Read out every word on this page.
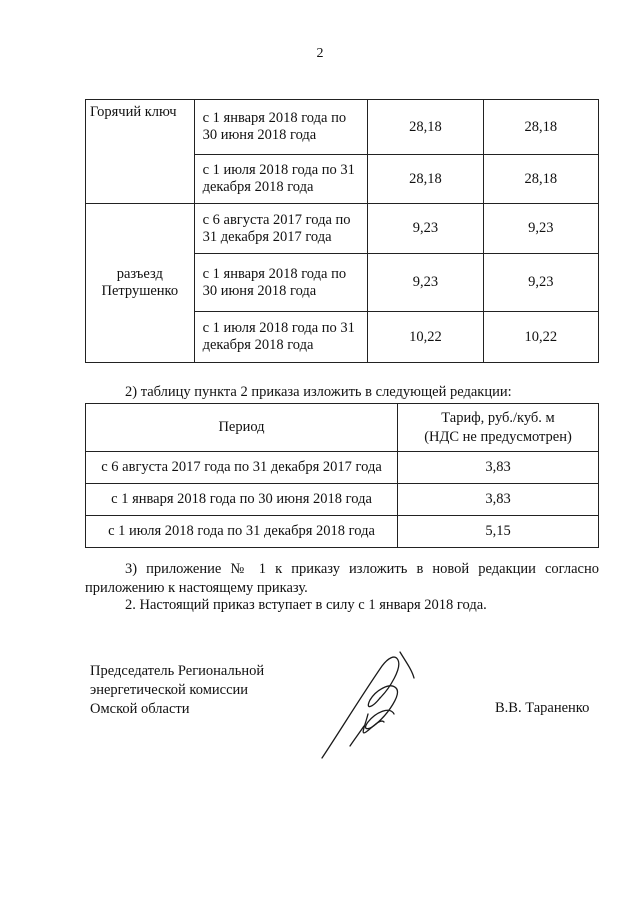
2
Горячий ключ	с 1 января 2018 года по
30 июня 2018 года	28,18	28,18
	с 1 июля 2018 года по 31
декабря 2018 года	28,18	28,18
разъезд
Петрушенко	с 6 августа 2017 года по
31 декабря 2017 года	9,23	9,23
	с 1 января 2018 года по
30 июня 2018 года	9,23	9,23
	с 1 июля 2018 года по 31
декабря 2018 года	10,22	10,22
2) таблицу пункта 2 приказа изложить в следующей редакции:
Период	Тариф, руб./куб. м
(НДС не предусмотрен)
с 6 августа 2017 года по 31 декабря 2017 года	3,83
с 1 января 2018 года по 30 июня 2018 года	3,83
с 1 июля 2018 года по 31 декабря 2018 года	5,15
3) приложение № 1 к приказу изложить в новой редакции согласно
приложению к настоящему приказу.
2. Настоящий приказ вступает в силу с 1 января 2018 года.
Председатель Региональной
энергетической комиссии
Омской области	В.В. Тараненко
